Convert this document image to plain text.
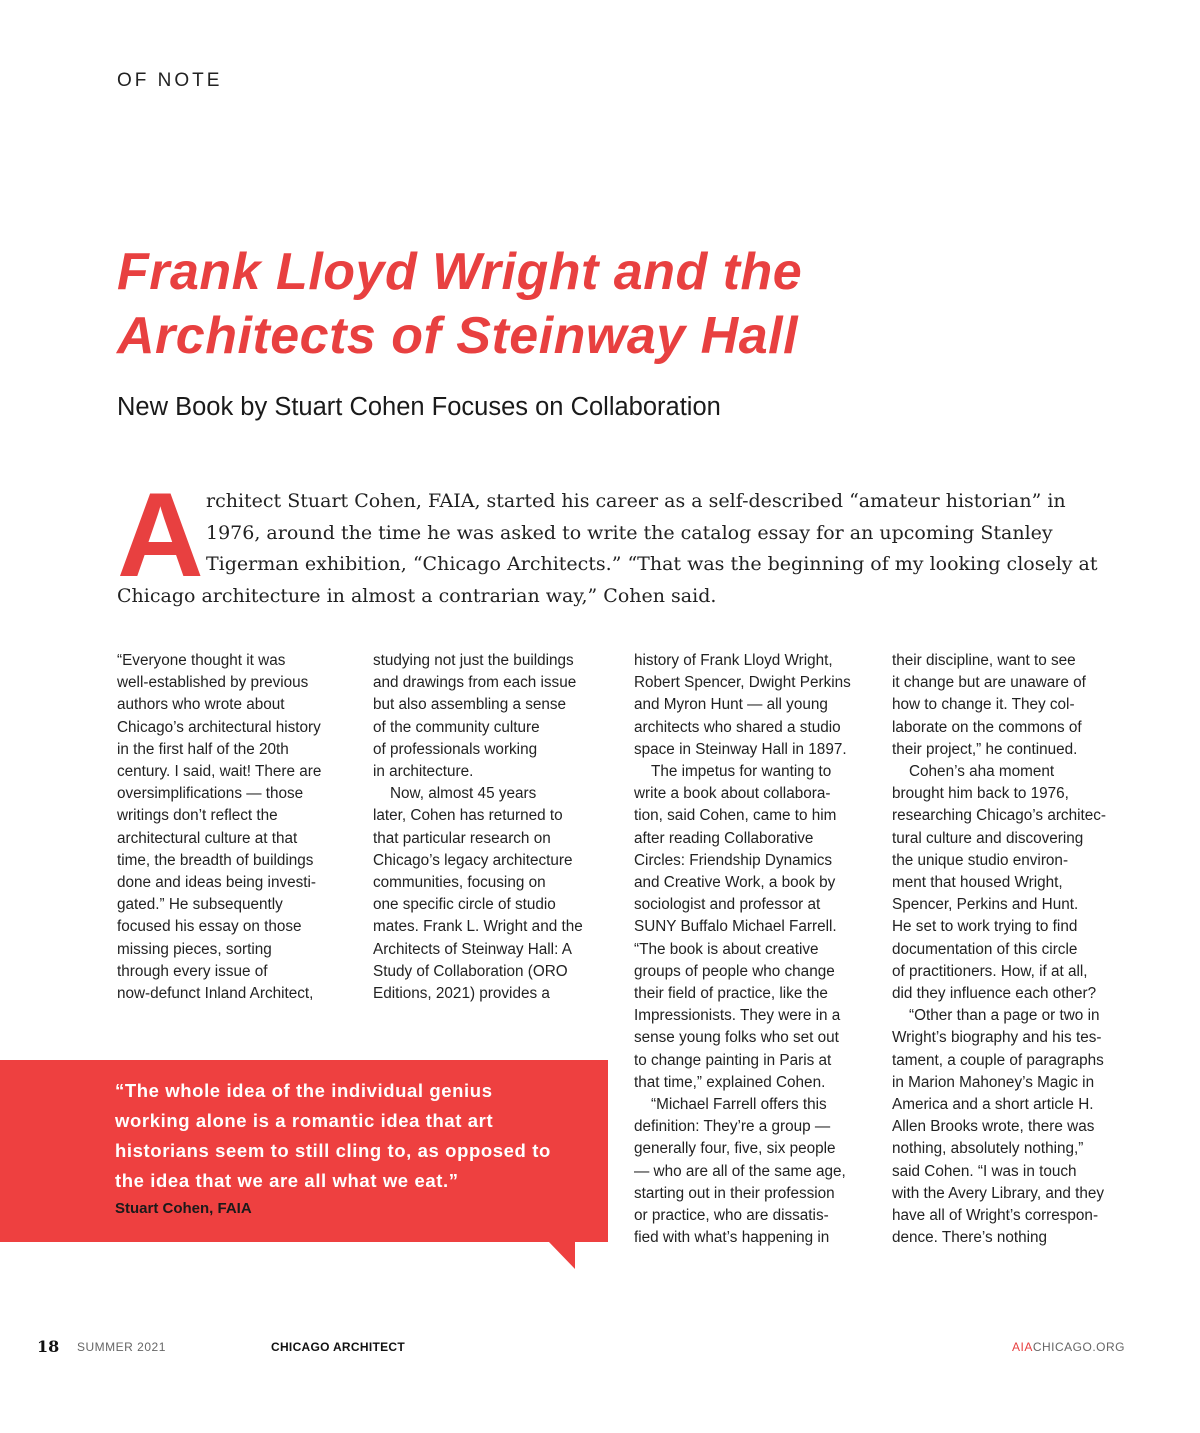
OF NOTE
Frank Lloyd Wright and the
Architects of Steinway Hall
New Book by Stuart Cohen Focuses on Collaboration
A rchitect Stuart Cohen, FAIA, started his career as a self-described “amateur historian” in
1976, around the time he was asked to write the catalog essay for an upcoming Stanley
Tigerman exhibition, “Chicago Architects.” “That was the beginning of my looking closely at
Chicago architecture in almost a contrarian way,” Cohen said.
“Everyone thought it was
well-established by previous
authors who wrote about
Chicago’s architectural history
in the first half of the 20th
century. I said, wait! There are
oversimplifications — those
writings don’t reflect the
architectural culture at that
time, the breadth of buildings
done and ideas being investi-
gated.” He subsequently
focused his essay on those
missing pieces, sorting
through every issue of
now-defunct Inland Architect,
studying not just the buildings
and drawings from each issue
but also assembling a sense
of the community culture
of professionals working
in architecture.
Now, almost 45 years
later, Cohen has returned to
that particular research on
Chicago’s legacy architecture
communities, focusing on
one specific circle of studio
mates. Frank L. Wright and the
Architects of Steinway Hall: A
Study of Collaboration (ORO
Editions, 2021) provides a
history of Frank Lloyd Wright,
Robert Spencer, Dwight Perkins
and Myron Hunt — all young
architects who shared a studio
space in Steinway Hall in 1897.
The impetus for wanting to
write a book about collabora-
tion, said Cohen, came to him
after reading Collaborative
Circles: Friendship Dynamics
and Creative Work, a book by
sociologist and professor at
SUNY Buffalo Michael Farrell.
“The book is about creative
groups of people who change
their field of practice, like the
Impressionists. They were in a
sense young folks who set out
to change painting in Paris at
that time,” explained Cohen.
“Michael Farrell offers this
definition: They’re a group —
generally four, five, six people
— who are all of the same age,
starting out in their profession
or practice, who are dissatis-
fied with what’s happening in
their discipline, want to see
it change but are unaware of
how to change it. They col-
laborate on the commons of
their project,” he continued.
Cohen’s aha moment
brought him back to 1976,
researching Chicago’s architec-
tural culture and discovering
the unique studio environ-
ment that housed Wright,
Spencer, Perkins and Hunt.
He set to work trying to find
documentation of this circle
of practitioners. How, if at all,
did they influence each other?
“Other than a page or two in
Wright’s biography and his tes-
tament, a couple of paragraphs
in Marion Mahoney’s Magic in
America and a short article H.
Allen Brooks wrote, there was
nothing, absolutely nothing,”
said Cohen. “I was in touch
with the Avery Library, and they
have all of Wright’s correspon-
dence. There’s nothing
“The whole idea of the individual genius
working alone is a romantic idea that art
historians seem to still cling to, as opposed to
the idea that we are all what we eat.”
Stuart Cohen, FAIA
18 SUMMER 2021	CHICAGO ARCHITECT	AIACHICAGO.ORG
